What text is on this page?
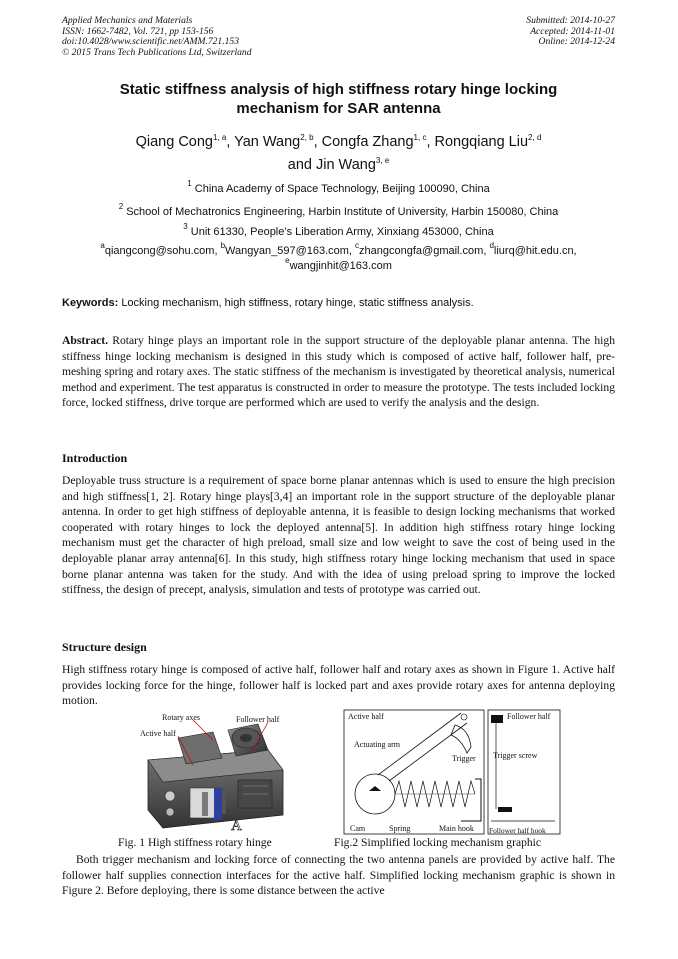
Applied Mechanics and Materials
ISSN: 1662-7482, Vol. 721, pp 153-156
doi:10.4028/www.scientific.net/AMM.721.153
© 2015 Trans Tech Publications Ltd, Switzerland
Submitted: 2014-10-27
Accepted: 2014-11-01
Online: 2014-12-24
Static stiffness analysis of high stiffness rotary hinge locking
mechanism for SAR antenna
Qiang Cong$^{1, a}$, Yan Wang$^{2, b}$, Congfa Zhang$^{1, c}$, Rongqiang Liu$^{2, d}$
and Jin Wang$^{3, e}$
$^1$ China Academy of Space Technology, Beijing 100090, China
$^2$ School of Mechatronics Engineering, Harbin Institute of University, Harbin 150080, China
$^3$ Unit 61330, People’s Liberation Army, Xinxiang 453000, China
$^a$qiangcong@sohu.com, $^b$Wangyan_597@163.com, $^c$zhangcongfa@gmail.com, $^d$liurq@hit.edu.cn,
$^e$wangjinhit@163.com
Keywords: Locking mechanism, high stiffness, rotary hinge, static stiffness analysis.
Abstract. Rotary hinge plays an important role in the support structure of the deployable planar antenna. The high stiffness hinge locking mechanism is designed in this study which is composed of active half, follower half, pre-meshing spring and rotary axes. The static stiffness of the mechanism is investigated by theoretical analysis, numerical method and experiment. The test apparatus is constructed in order to measure the prototype. The tests included locking force, locked stiffness, drive torque are performed which are used to verify the analysis and the design.
Introduction
Deployable truss structure is a requirement of space borne planar antennas which is used to ensure the high precision and high stiffness[1, 2]. Rotary hinge plays[3,4] an important role in the support structure of the deployable planar antenna. In order to get high stiffness of deployable antenna, it is feasible to design locking mechanisms that worked cooperated with rotary hinges to lock the deployed antenna[5]. In addition high stiffness rotary hinge locking mechanism must get the character of high preload, small size and low weight to save the cost of being used in the deployable planar array antenna[6]. In this study, high stiffness rotary hinge locking mechanism that used in space borne planar antenna was taken for the study. And with the idea of using preload spring to improve the locked stiffness, the design of precept, analysis, simulation and tests of prototype was carried out.
Structure design
High stiffness rotary hinge is composed of active half, follower half and rotary axes as shown in Figure 1. Active half provides locking force for the hinge, follower half is locked part and axes provide rotary axes for antenna deploying motion.
Rotary axes	Follower half
Active half
A
Fig. 1 High stiffness rotary hinge
Active half
Actuating arm
Trigger
Cam	Spring	Main hook
Follower half
Trigger screw
Follower half hook
Fig.2 Simplified locking mechanism graphic
Both trigger mechanism and locking force of connecting the two antenna panels are provided by active half. The follower half supplies connection interfaces for the active half. Simplified locking mechanism graphic is shown in Figure 2. Before deploying, there is some distance between the active
